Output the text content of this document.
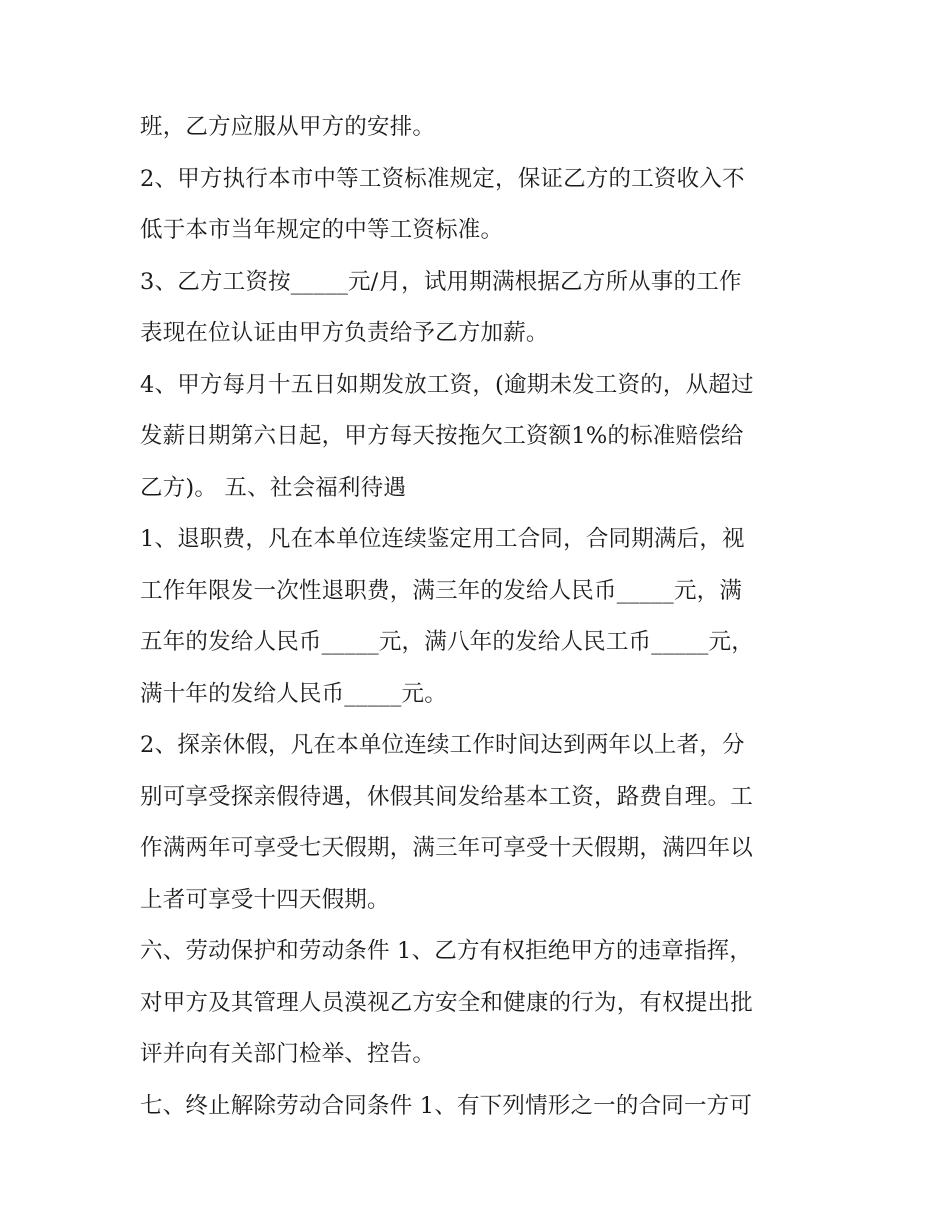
班，乙方应服从甲方的安排。
2、甲方执行本市中等工资标准规定，保证乙方的工资收入不
低于本市当年规定的中等工资标准。
3、乙方工资按_____元/月，试用期满根据乙方所从事的工作
表现在位认证由甲方负责给予乙方加薪。
4、甲方每月十五日如期发放工资，(逾期未发工资的，从超过
发薪日期第六日起，甲方每天按拖欠工资额1%的标准赔偿给
乙方)。 五、社会福利待遇
1、退职费，凡在本单位连续鉴定用工合同，合同期满后，视
工作年限发一次性退职费，满三年的发给人民币_____元，满
五年的发给人民币_____元，满八年的发给人民工币_____元，
满十年的发给人民币_____元。
2、探亲休假，凡在本单位连续工作时间达到两年以上者，分
别可享受探亲假待遇，休假其间发给基本工资，路费自理。工
作满两年可享受七天假期，满三年可享受十天假期，满四年以
上者可享受十四天假期。
六、劳动保护和劳动条件 1、乙方有权拒绝甲方的违章指挥，
对甲方及其管理人员漠视乙方安全和健康的行为，有权提出批
评并向有关部门检举、控告。
七、终止解除劳动合同条件 1、有下列情形之一的合同一方可
